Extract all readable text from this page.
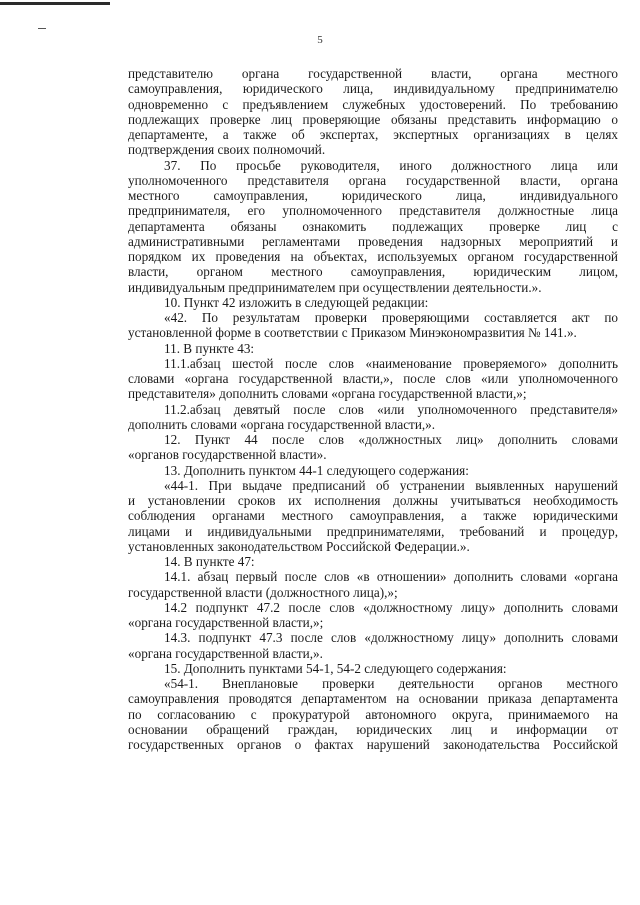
5
представителю органа государственной власти, органа местного
самоуправления, юридического лица, индивидуальному предпринимателю
одновременно с предъявлением служебных удостоверений. По требованию
подлежащих проверке лиц проверяющие обязаны представить информацию о
департаменте, а также об экспертах, экспертных организациях в целях
подтверждения своих полномочий.
37. По просьбе руководителя, иного должностного лица или
уполномоченного представителя органа государственной власти, органа
местного самоуправления, юридического лица, индивидуального
предпринимателя, его уполномоченного представителя должностные лица
департамента обязаны ознакомить подлежащих проверке лиц с
административными регламентами проведения надзорных мероприятий и
порядком их проведения на объектах, используемых органом государственной
власти, органом местного самоуправления, юридическим лицом,
индивидуальным предпринимателем при осуществлении деятельности.».
10. Пункт 42 изложить в следующей редакции:
«42. По результатам проверки проверяющими составляется акт по
установленной форме в соответствии с Приказом Минэкономразвития № 141.».
11. В пункте 43:
11.1.абзац шестой после слов «наименование проверяемого» дополнить
словами «органа государственной власти,», после слов «или уполномоченного
представителя» дополнить словами «органа государственной власти,»;
11.2.абзац девятый после слов «или уполномоченного представителя»
дополнить словами «органа государственной власти,».
12. Пункт 44 после слов «должностных лиц» дополнить словами
«органов государственной власти».
13. Дополнить пунктом 44-1 следующего содержания:
«44-1. При выдаче предписаний об устранении выявленных нарушений
и установлении сроков их исполнения должны учитываться необходимость
соблюдения органами местного самоуправления, а также юридическими
лицами и индивидуальными предпринимателями, требований и процедур,
установленных законодательством Российской Федерации.».
14. В пункте 47:
14.1. абзац первый после слов «в отношении» дополнить словами «органа
государственной власти (должностного лица),»;
14.2 подпункт 47.2 после слов «должностному лицу» дополнить словами
«органа государственной власти,»;
14.3. подпункт 47.3 после слов «должностному лицу» дополнить словами
«органа государственной власти,».
15. Дополнить пунктами 54-1, 54-2 следующего содержания:
«54-1. Внеплановые проверки деятельности органов местного
самоуправления проводятся департаментом на основании приказа департамента
по согласованию с прокуратурой автономного округа, принимаемого на
основании обращений граждан, юридических лиц и информации от
государственных органов о фактах нарушений законодательства Российской
